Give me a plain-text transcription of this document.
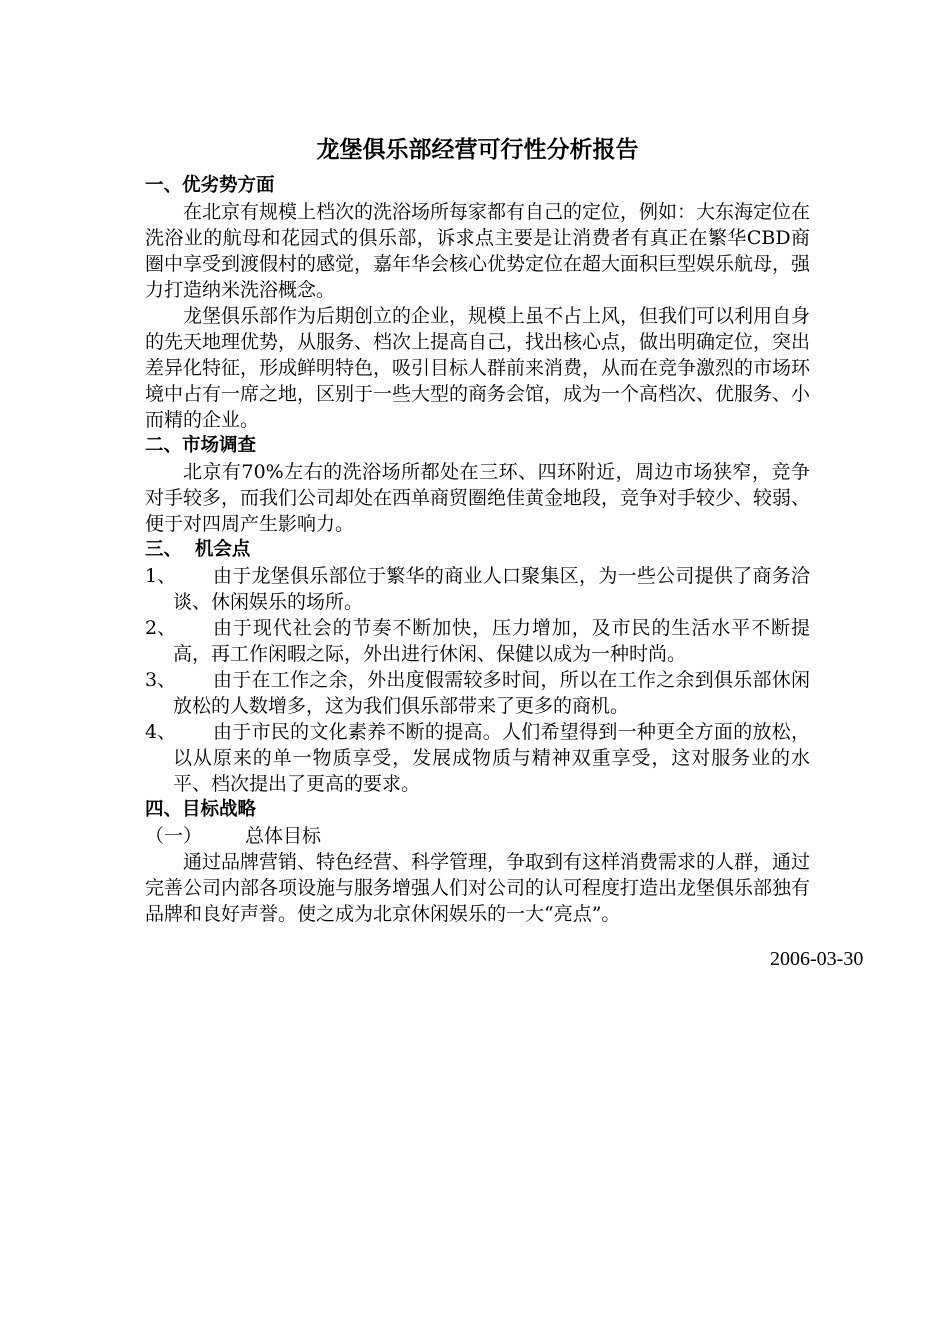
龙堡俱乐部经营可行性分析报告
一、优劣势方面

在北京有规模上档次的洗浴场所每家都有自己的定位，例如：大东海定位在洗浴业的航母和花园式的俱乐部，诉求点主要是让消费者有真正在繁华CBD商圈中享受到渡假村的感觉，嘉年华会核心优势定位在超大面积巨型娱乐航母，强力打造纳米洗浴概念。

龙堡俱乐部作为后期创立的企业，规模上虽不占上风，但我们可以利用自身的先天地理优势，从服务、档次上提高自己，找出核心点，做出明确定位，突出差异化特征，形成鲜明特色，吸引目标人群前来消费，从而在竞争激烈的市场环境中占有一席之地，区别于一些大型的商务会馆，成为一个高档次、优服务、小而精的企业。

二、市场调查

北京有70%左右的洗浴场所都处在三环、四环附近，周边市场狭窄，竞争对手较多，而我们公司却处在西单商贸圈绝佳黄金地段，竞争对手较少、较弱、便于对四周产生影响力。

三、  机会点
1、	由于龙堡俱乐部位于繁华的商业人口聚集区，为一些公司提供了商务洽谈、休闲娱乐的场所。
2、	由于现代社会的节奏不断加快，压力增加，及市民的生活水平不断提高，再工作闲暇之际，外出进行休闲、保健以成为一种时尚。
3、	由于在工作之余，外出度假需较多时间，所以在工作之余到俱乐部休闲放松的人数增多，这为我们俱乐部带来了更多的商机。
4、	由于市民的文化素养不断的提高。人们希望得到一种更全方面的放松，以从原来的单一物质享受，发展成物质与精神双重享受，这对服务业的水平、档次提出了更高的要求。
四、目标战略
（一） 总体目标

通过品牌营销、特色经营、科学管理，争取到有这样消费需求的人群，通过完善公司内部各项设施与服务增强人们对公司的认可程度打造出龙堡俱乐部独有品牌和良好声誉。使之成为北京休闲娱乐的一大“亮点”。

2006-03-30
